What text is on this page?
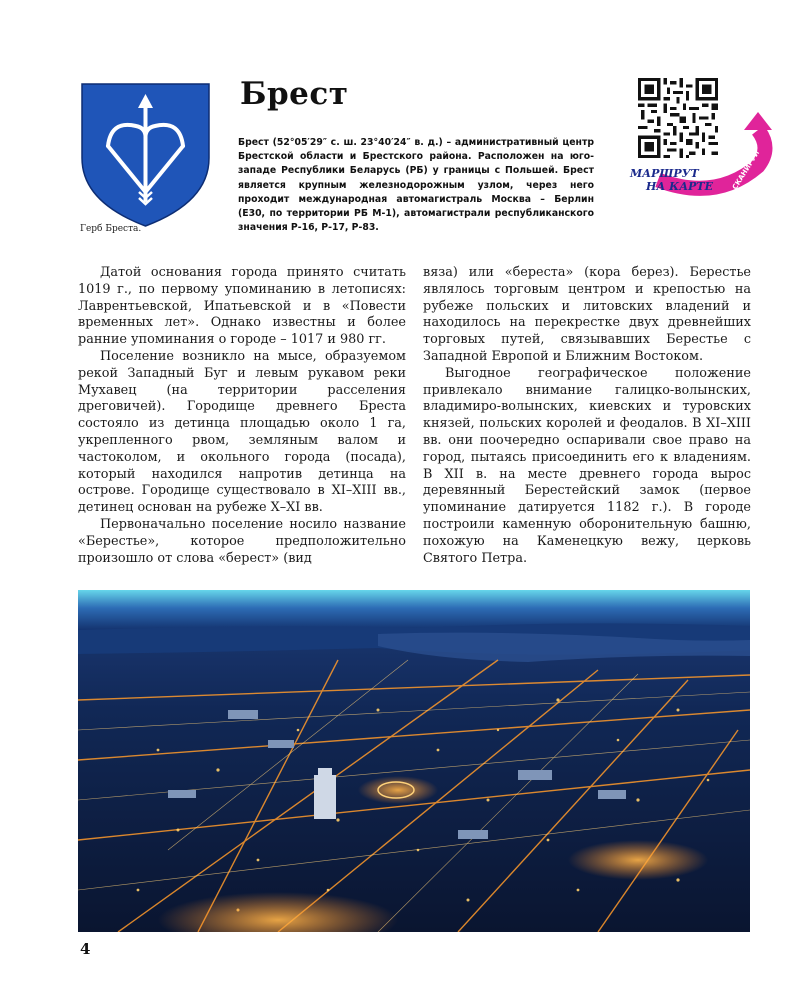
Герб Бреста.
Брест

Брест (52°05′29″ с. ш. 23°40′24″ в. д.) – административный центр Брестской области и Брестского района. Расположен на юго-западе Республики Беларусь (РБ) у границы с Польшей. Брест является крупным железнодорожным узлом, через него проходит международная автомагистраль Москва – Берлин (E30, по территории РБ М-1), автомагистрали республиканского значения Р-16, Р-17, Р-83.

СКАНИРУЙ
МАРШРУТ
НА КАРТЕ

Датой основания города принято считать 1019 г., по первому упоминанию в летописях: Лаврентьевской, Ипатьевской и в «Повести временных лет». Однако известны и более ранние упоминания о городе – 1017 и 980 гг.

Поселение возникло на мысе, образуемом рекой Западный Буг и левым рукавом реки Мухавец (на территории расселения дреговичей). Городище древнего Бреста состояло из детинца площадью около 1 га, укрепленного рвом, земляным валом и частоколом, и окольного города (посада), который находился напротив детинца на острове. Городище существовало в XI–XIII вв., детинец основан на рубеже X–XI вв.

Первоначально поселение носило название «Берестье», которое предположительно произошло от слова «берест» (вид

вяза) или «береста» (кора берез). Берестье являлось торговым центром и крепостью на рубеже польских и литовских владений и находилось на перекрестке двух древнейших торговых путей, связывавших Берестье с Западной Европой и Ближним Востоком.

Выгодное географическое положение привлекало внимание галицко-волынских, владимиро-волынских, киевских и туровских князей, польских королей и феодалов. В XI–XIII вв. они поочередно оспаривали свое право на город, пытаясь присоединить его к владениям. В XII в. на месте древнего города вырос деревянный Берестейский замок (первое упоминание датируется 1182 г.). В городе построили каменную оборонительную башню, похожую на Каменецкую вежу, церковь Святого Петра.

4
